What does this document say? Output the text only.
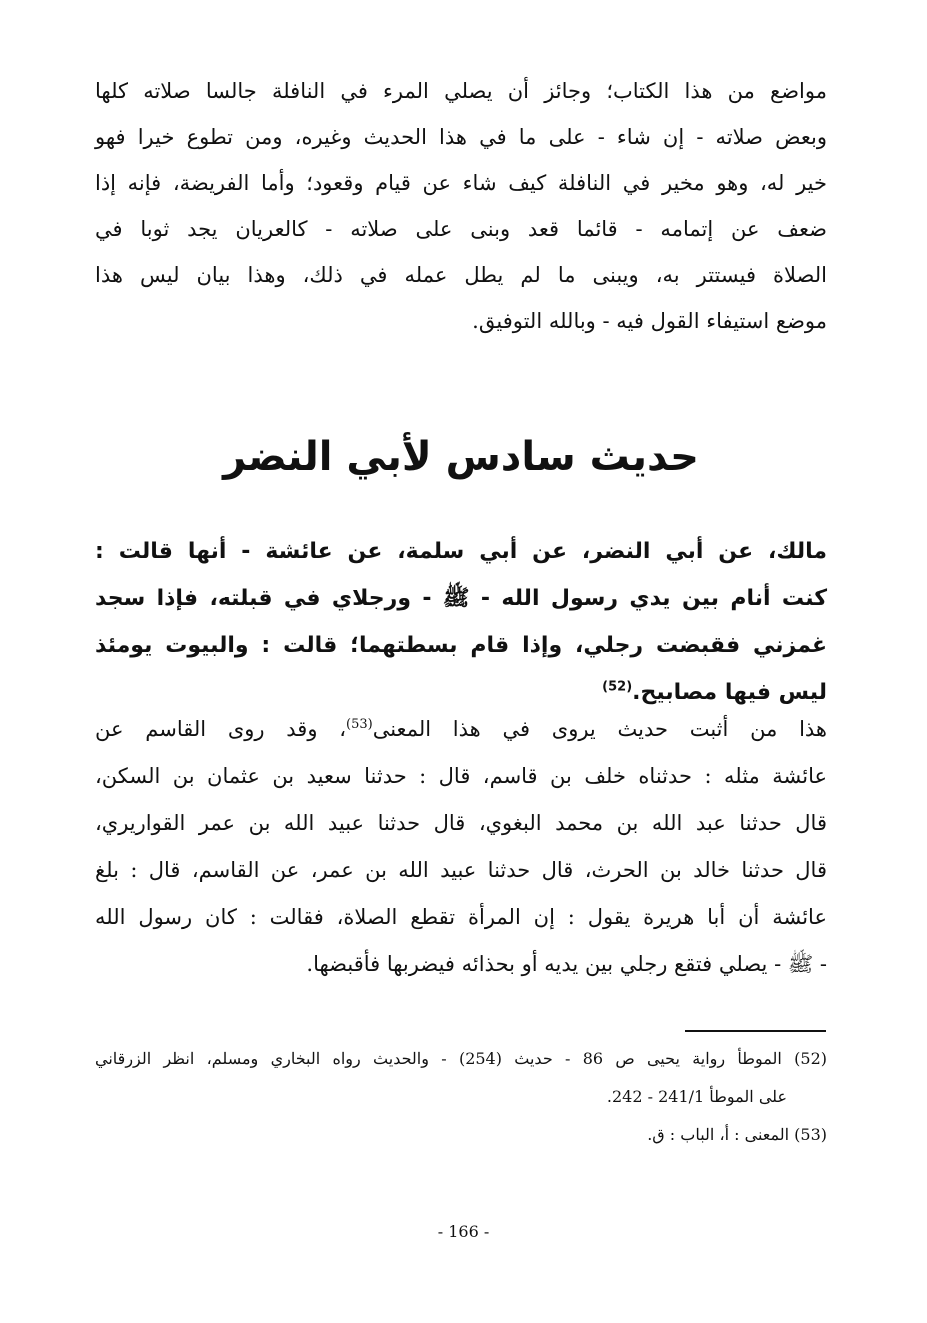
مواضع من هذا الكتاب؛ وجائز أن يصلي المرء في النافلة جالسا صلاته كلها
وبعض صلاته - إن شاء - على ما في هذا الحديث وغيره، ومن تطوع خيرا فهو
خير له، وهو مخير في النافلة كيف شاء عن قيام وقعود؛ وأما الفريضة، فإنه إذا
ضعف عن إتمامه - قائما قعد وبنى على صلاته - كالعريان يجد ثوبا في
الصلاة فيستتر به، ويبنى ما لم يطل عمله في ذلك، وهذا بيان ليس هذا
موضع استيفاء القول فيه - وبالله التوفيق.
حديث سادس لأبي النضر
مالك، عن أبي النضر، عن أبي سلمة، عن عائشة - أنها قالت :
كنت أنام بين يدي رسول الله - ﷺ - ورجلاي في قبلته، فإذا سجد
غمزني فقبضت رجلي، وإذا قام بسطتهما؛ قالت : والبيوت يومئذ
ليس فيها مصابيح.$^{(52)}$
هذا من أثبت حديث يروى في هذا المعنى$^{(53)}$، وقد روى القاسم عن
عائشة مثله : حدثناه خلف بن قاسم، قال : حدثنا سعيد بن عثمان بن السكن،
قال حدثنا عبد الله بن محمد البغوي، قال حدثنا عبيد الله بن عمر القواريري،
قال حدثنا خالد بن الحرث، قال حدثنا عبيد الله بن عمر، عن القاسم، قال : بلغ
عائشة أن أبا هريرة يقول : إن المرأة تقطع الصلاة، فقالت : كان رسول الله
- ﷺ - يصلي فتقع رجلي بين يديه أو بحذائه فيضربها فأقبضها.
(52) الموطأ رواية يحيى ص 86 - حديث (254) - والحديث رواه البخاري ومسلم، انظر الزرقاني
على الموطأ 241/1 - 242.
(53) المعنى : أ، الباب : ق.
- 166 -
